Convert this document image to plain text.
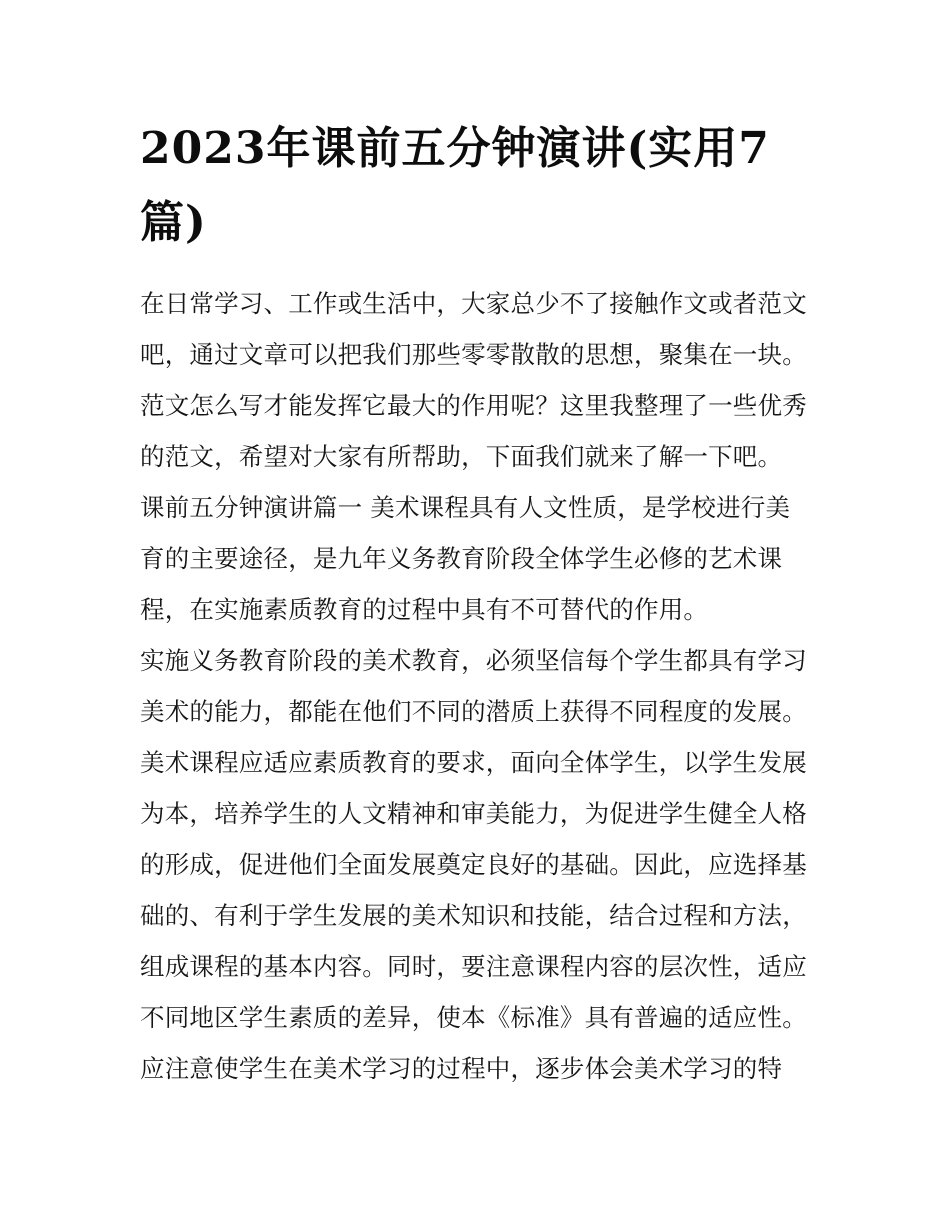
2023年课前五分钟演讲(实用7
篇)
在日常学习、工作或生活中，大家总少不了接触作文或者范文
吧，通过文章可以把我们那些零零散散的思想，聚集在一块。
范文怎么写才能发挥它最大的作用呢？这里我整理了一些优秀
的范文，希望对大家有所帮助，下面我们就来了解一下吧。
课前五分钟演讲篇一 美术课程具有人文性质，是学校进行美
育的主要途径，是九年义务教育阶段全体学生必修的艺术课
程，在实施素质教育的过程中具有不可替代的作用。
实施义务教育阶段的美术教育，必须坚信每个学生都具有学习
美术的能力，都能在他们不同的潜质上获得不同程度的发展。
美术课程应适应素质教育的要求，面向全体学生，以学生发展
为本，培养学生的人文精神和审美能力，为促进学生健全人格
的形成，促进他们全面发展奠定良好的基础。因此，应选择基
础的、有利于学生发展的美术知识和技能，结合过程和方法，
组成课程的基本内容。同时，要注意课程内容的层次性，适应
不同地区学生素质的差异，使本《标准》具有普遍的适应性。
应注意使学生在美术学习的过程中，逐步体会美术学习的特
